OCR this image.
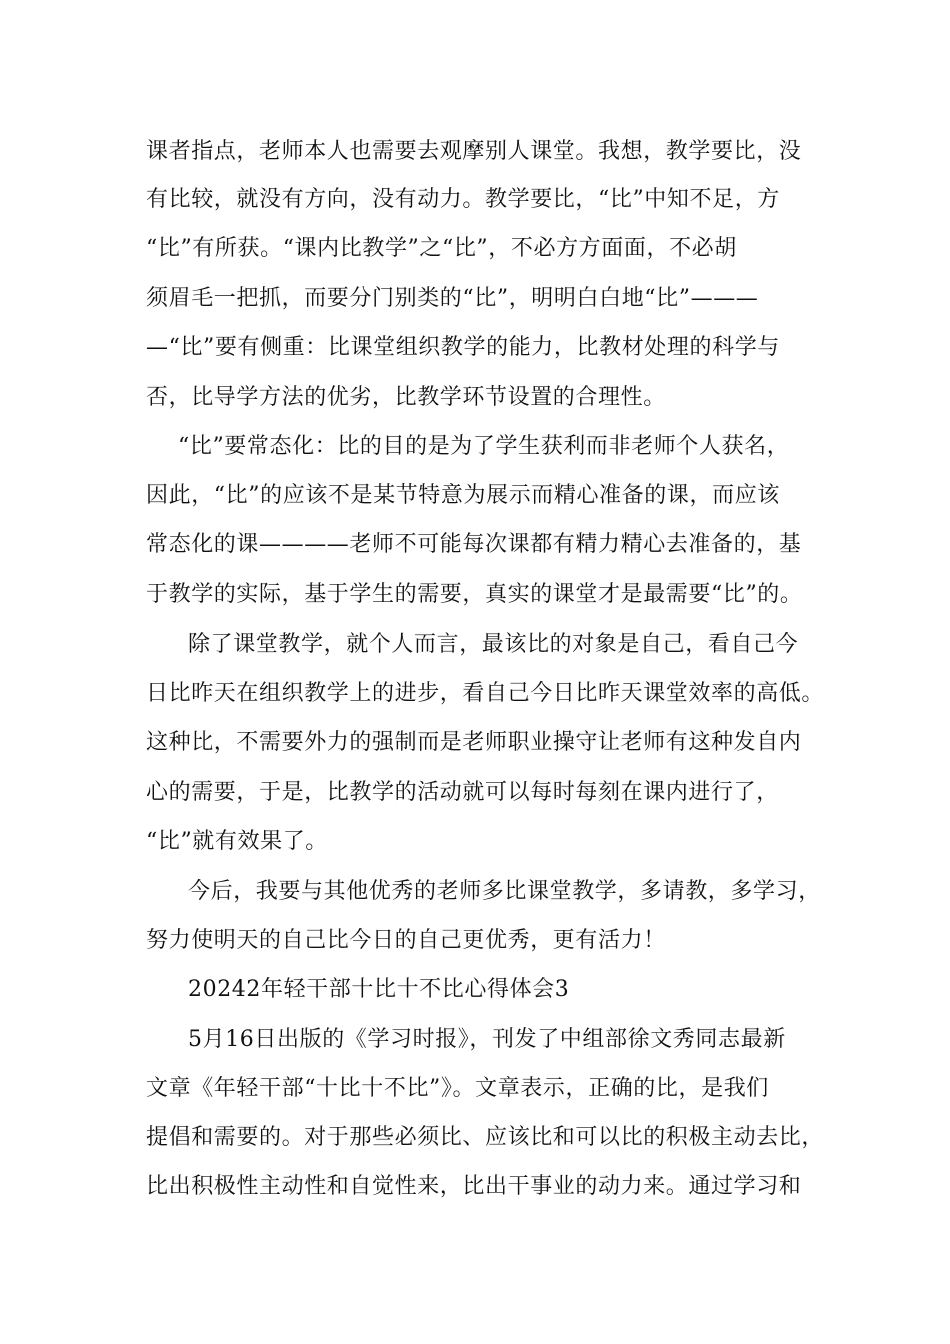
课者指点，老师本人也需要去观摩别人课堂。我想，教学要比，没
有比较，就没有方向，没有动力。教学要比，“比”中知不足，方
“比”有所获。“课内比教学”之“比”，不必方方面面，不必胡
须眉毛一把抓，而要分门别类的“比”，明明白白地“比”———
—“比”要有侧重：比课堂组织教学的能力，比教材处理的科学与
否，比导学方法的优劣，比教学环节设置的合理性。
“比”要常态化：比的目的是为了学生获利而非老师个人获名，
因此，“比”的应该不是某节特意为展示而精心准备的课，而应该
常态化的课————老师不可能每次课都有精力精心去准备的，基
于教学的实际，基于学生的需要，真实的课堂才是最需要“比”的。
除了课堂教学，就个人而言，最该比的对象是自己，看自己今
日比昨天在组织教学上的进步，看自己今日比昨天课堂效率的高低。
这种比，不需要外力的强制而是老师职业操守让老师有这种发自内
心的需要，于是，比教学的活动就可以每时每刻在课内进行了，
“比”就有效果了。
今后，我要与其他优秀的老师多比课堂教学，多请教，多学习，
努力使明天的自己比今日的自己更优秀，更有活力！
20242年轻干部十比十不比心得体会3
5月16日出版的《学习时报》，刊发了中组部徐文秀同志最新
文章《年轻干部“十比十不比”》。文章表示，正确的比，是我们
提倡和需要的。对于那些必须比、应该比和可以比的积极主动去比，
比出积极性主动性和自觉性来，比出干事业的动力来。通过学习和
